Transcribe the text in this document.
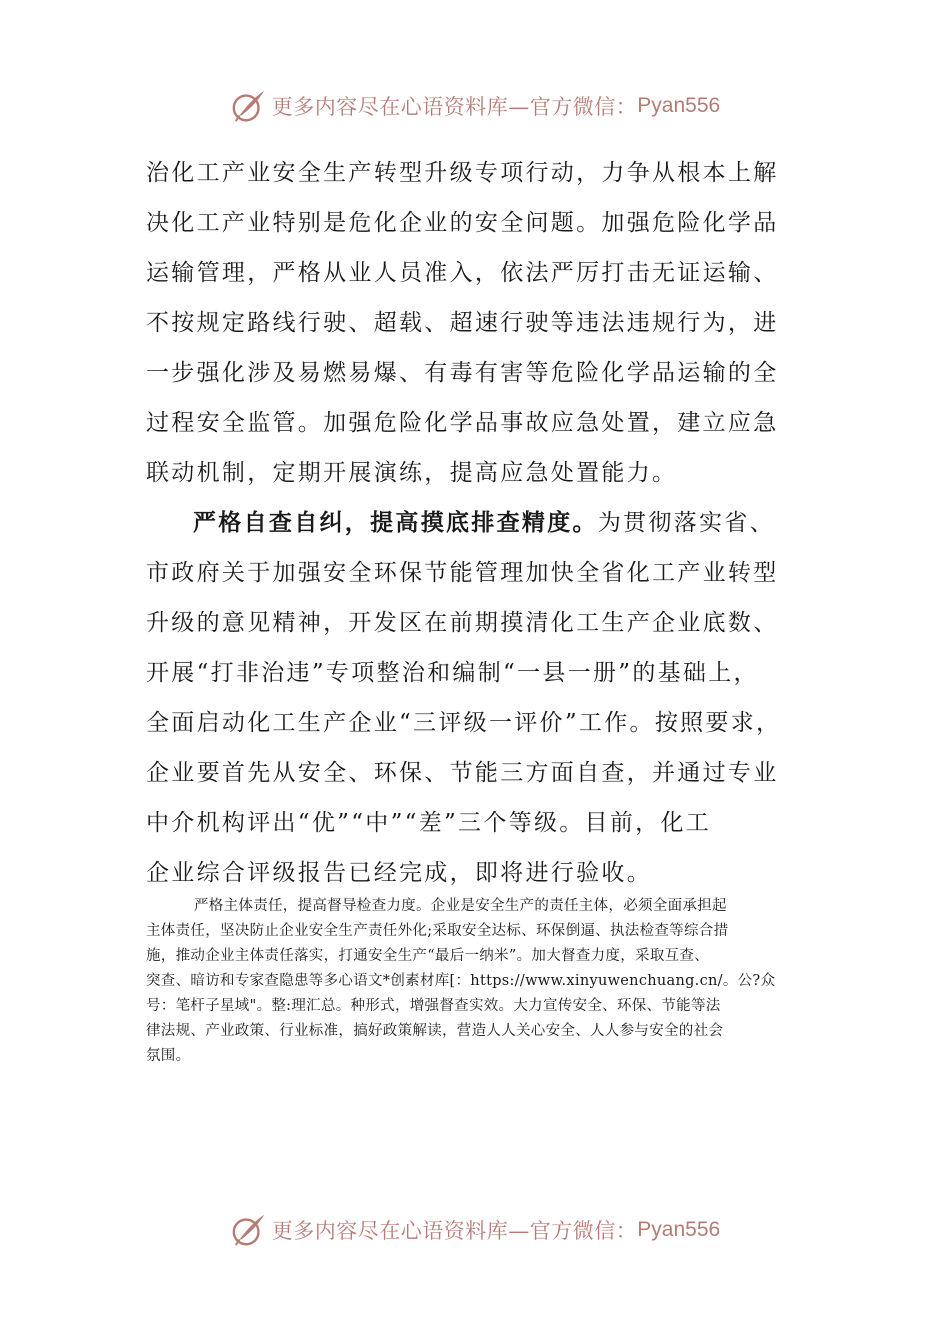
更多内容尽在心语资料库—官方微信： Pyan556
治化工产业安全生产转型升级专项行动，力争从根本上解
决化工产业特别是危化企业的安全问题。加强危险化学品
运输管理，严格从业人员准入，依法严厉打击无证运输、
不按规定路线行驶、超载、超速行驶等违法违规行为，进
一步强化涉及易燃易爆、有毒有害等危险化学品运输的全
过程安全监管。加强危险化学品事故应急处置，建立应急
联动机制，定期开展演练，提高应急处置能力。
严格自查自纠，提高摸底排查精度。为贯彻落实省、
市政府关于加强安全环保节能管理加快全省化工产业转型
升级的意见精神，开发区在前期摸清化工生产企业底数、
开展“打非治违”专项整治和编制“一县一册”的基础上，
全面启动化工生产企业“三评级一评价”工作。按照要求，
企业要首先从安全、环保、节能三方面自查，并通过专业
中介机构评出“优”“中”“差”三个等级。目前，化工
企业综合评级报告已经完成，即将进行验收。
严格主体责任，提高督导检查力度。企业是安全生产的责任主体，必须全面承担起
主体责任，坚决防止企业安全生产责任外化;采取安全达标、环保倒逼、执法检查等综合措
施，推动企业主体责任落实，打通安全生产“最后一纳米”。加大督查力度，采取互查、
突查、暗访和专家查隐患等多心语文*创素材库[：https://www.xinyuwenchuang.cn/。公?众
号：笔杆子星域"。整:理汇总。种形式，增强督查实效。大力宣传安全、环保、节能等法
律法规、产业政策、行业标准，搞好政策解读，营造人人关心安全、人人参与安全的社会
氛围。
更多内容尽在心语资料库—官方微信： Pyan556
